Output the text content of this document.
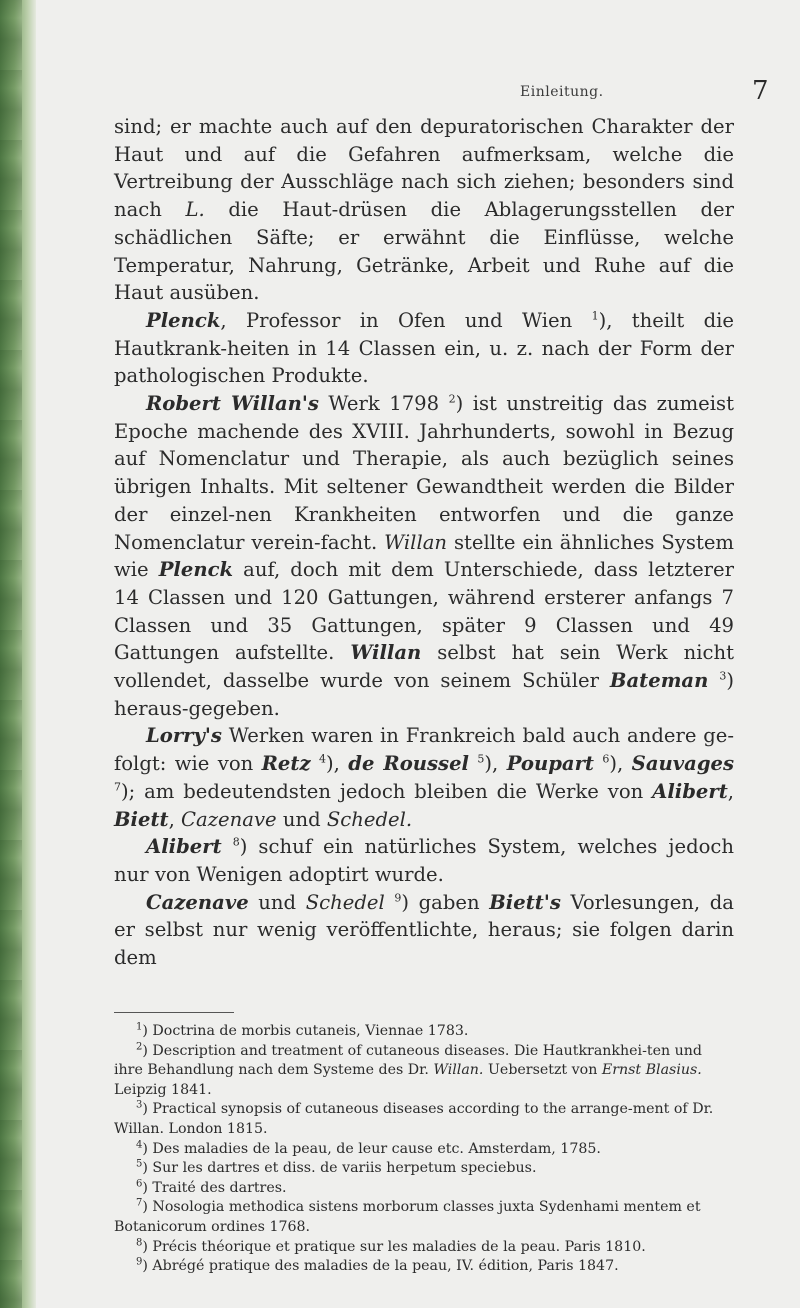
Einleitung.	7

sind; er machte auch auf den depuratorischen Charakter der Haut und auf die Gefahren aufmerksam, welche die Vertreibung der Ausschläge nach sich ziehen; besonders sind nach L. die Haut-drüsen die Ablagerungsstellen der schädlichen Säfte; er erwähnt die Einflüsse, welche Temperatur, Nahrung, Getränke, Arbeit und Ruhe auf die Haut ausüben.

Plenck, Professor in Ofen und Wien $^1$), theilt die Hautkrank-heiten in 14 Classen ein, u. z. nach der Form der pathologischen Produkte.

Robert Willan's Werk 1798 $^2$) ist unstreitig das zumeist Epoche machende des XVIII. Jahrhunderts, sowohl in Bezug auf Nomenclatur und Therapie, als auch bezüglich seines übrigen Inhalts. Mit seltener Gewandtheit werden die Bilder der einzel-nen Krankheiten entworfen und die ganze Nomenclatur verein-facht. Willan stellte ein ähnliches System wie Plenck auf, doch mit dem Unterschiede, dass letzterer 14 Classen und 120 Gattungen, während ersterer anfangs 7 Classen und 35 Gattungen, später 9 Classen und 49 Gattungen aufstellte. Willan selbst hat sein Werk nicht vollendet, dasselbe wurde von seinem Schüler Bateman $^3$) heraus-gegeben.

Lorry's Werken waren in Frankreich bald auch andere ge-folgt: wie von Retz $^4$), de Roussel $^5$), Poupart $^6$), Sauvages $^7$); am bedeutendsten jedoch bleiben die Werke von Alibert, Biett, Cazenave und Schedel.

Alibert $^8$) schuf ein natürliches System, welches jedoch nur von Wenigen adoptirt wurde.

Cazenave und Schedel $^9$) gaben Biett's Vorlesungen, da er selbst nur wenig veröffentlichte, heraus; sie folgen darin dem

$^1$) Doctrina de morbis cutaneis, Viennae 1783.

$^2$) Description and treatment of cutaneous diseases. Die Hautkrankhei-ten und ihre Behandlung nach dem Systeme des Dr. Willan. Uebersetzt von Ernst Blasius. Leipzig 1841.

$^3$) Practical synopsis of cutaneous diseases according to the arrange-ment of Dr. Willan. London 1815.

$^4$) Des maladies de la peau, de leur cause etc. Amsterdam, 1785.

$^5$) Sur les dartres et diss. de variis herpetum speciebus.

$^6$) Traité des dartres.

$^7$) Nosologia methodica sistens morborum classes juxta Sydenhami mentem et Botanicorum ordines 1768.

$^8$) Précis théorique et pratique sur les maladies de la peau. Paris 1810.

$^9$) Abrégé pratique des maladies de la peau, IV. édition, Paris 1847.
